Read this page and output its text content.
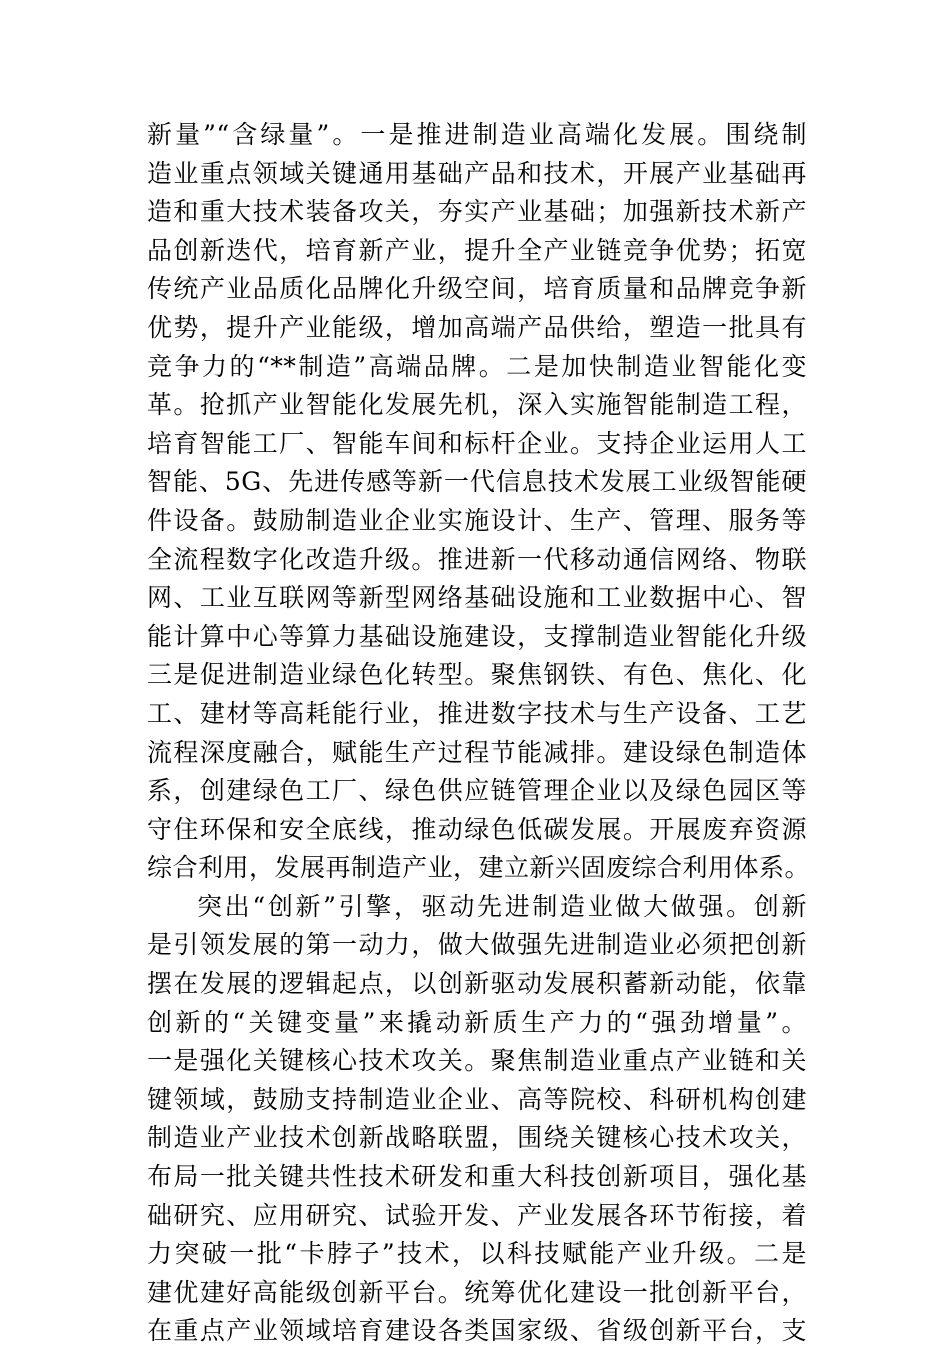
新量”“含绿量”。一是推进制造业高端化发展。围绕制
造业重点领域关键通用基础产品和技术，开展产业基础再
造和重大技术装备攻关，夯实产业基础；加强新技术新产
品创新迭代，培育新产业，提升全产业链竞争优势；拓宽
传统产业品质化品牌化升级空间，培育质量和品牌竞争新
优势，提升产业能级，增加高端产品供给，塑造一批具有
竞争力的“**制造”高端品牌。二是加快制造业智能化变
革。抢抓产业智能化发展先机，深入实施智能制造工程，
培育智能工厂、智能车间和标杆企业。支持企业运用人工
智能、5G、先进传感等新一代信息技术发展工业级智能硬
件设备。鼓励制造业企业实施设计、生产、管理、服务等
全流程数字化改造升级。推进新一代移动通信网络、物联
网、工业互联网等新型网络基础设施和工业数据中心、智
能计算中心等算力基础设施建设，支撑制造业智能化升级
三是促进制造业绿色化转型。聚焦钢铁、有色、焦化、化
工、建材等高耗能行业，推进数字技术与生产设备、工艺
流程深度融合，赋能生产过程节能减排。建设绿色制造体
系，创建绿色工厂、绿色供应链管理企业以及绿色园区等
守住环保和安全底线，推动绿色低碳发展。开展废弃资源
综合利用，发展再制造产业，建立新兴固废综合利用体系。
突出“创新”引擎，驱动先进制造业做大做强。创新
是引领发展的第一动力，做大做强先进制造业必须把创新
摆在发展的逻辑起点，以创新驱动发展积蓄新动能，依靠
创新的“关键变量”来撬动新质生产力的“强劲增量”。
一是强化关键核心技术攻关。聚焦制造业重点产业链和关
键领域，鼓励支持制造业企业、高等院校、科研机构创建
制造业产业技术创新战略联盟，围绕关键核心技术攻关，
布局一批关键共性技术研发和重大科技创新项目，强化基
础研究、应用研究、试验开发、产业发展各环节衔接，着
力突破一批“卡脖子”技术，以科技赋能产业升级。二是
建优建好高能级创新平台。统筹优化建设一批创新平台，
在重点产业领域培育建设各类国家级、省级创新平台，支
